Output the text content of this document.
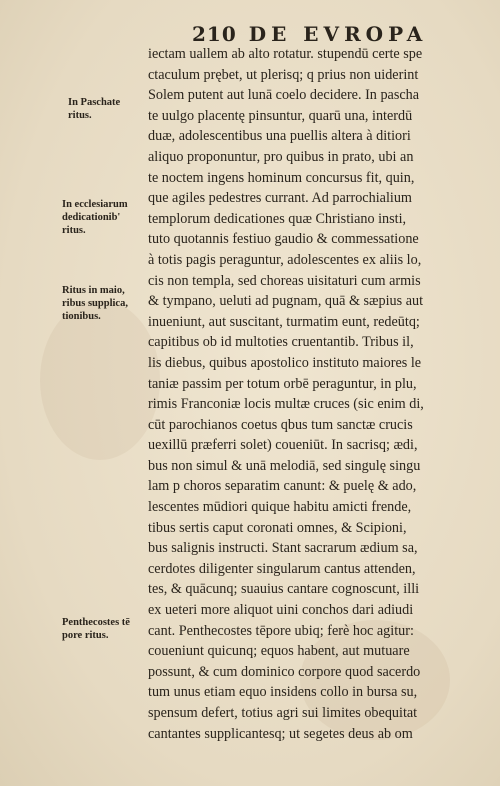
210 DE EVROPA
iectam uallem ab alto rotatur. stupendū certe spe
ctaculum prębet, ut plerisq; q prius non uiderint
Solem putent aut lunā coelo decidere. In pascha
te uulgo placentę pinsuntur, quarū una, interdū
duæ, adolescentibus una puellis altera à ditiori
aliquo proponuntur, pro quibus in prato, ubi an
te noctem ingens hominum concursus fit, quin,
que agiles pedestres currant. Ad parrochialium
templorum dedicationes quæ Christiano insti,
tuto quotannis festiuo gaudio & commessatione
à totis pagis peraguntur, adolescentes ex aliis lo,
cis non templa, sed choreas uisitaturi cum armis
& tympano, ueluti ad pugnam, quā & sæpius aut
inueniunt, aut suscitant, turmatim eunt, redeūtq;
capitibus ob id multoties cruentantib. Tribus il,
lis diebus, quibus apostolico instituto maiores le
taniæ passim per totum orbē peraguntur, in plu,
rimis Franconiæ locis multæ cruces (sic enim di,
cūt parochianos coetus qbus tum sanctæ crucis
uexillū præferri solet) coueniūt. In sacrisq; ædi,
bus non simul & unā melodiā, sed singulę singu
lam p choros separatim canunt: & puelę & ado,
lescentes mūdiori quique habitu amicti frende,
tibus sertis caput coronati omnes, & Scipioni,
bus salignis instructi. Stant sacrarum ædium sa,
cerdotes diligenter singularum cantus attenden,
tes, & quācunq; suauius cantare cognoscunt, illi
ex ueteri more aliquot uini conchos dari adiudi
cant. Penthecostes tēpore ubiq; ferè hoc agitur:
coueniunt quicunq; equos habent, aut mutuare
possunt, & cum dominico corpore quod sacerdo
tum unus etiam equo insidens collo in bursa su,
spensum defert, totius agri sui limites obequitat
cantantes supplicantesq; ut segetes deus ab om
In Paschate
ritus.
In ecclesiarum
dedicationib'
ritus.
Ritus in maio,
ribus supplica,
tionibus.
Penthecostes tē
pore ritus.
